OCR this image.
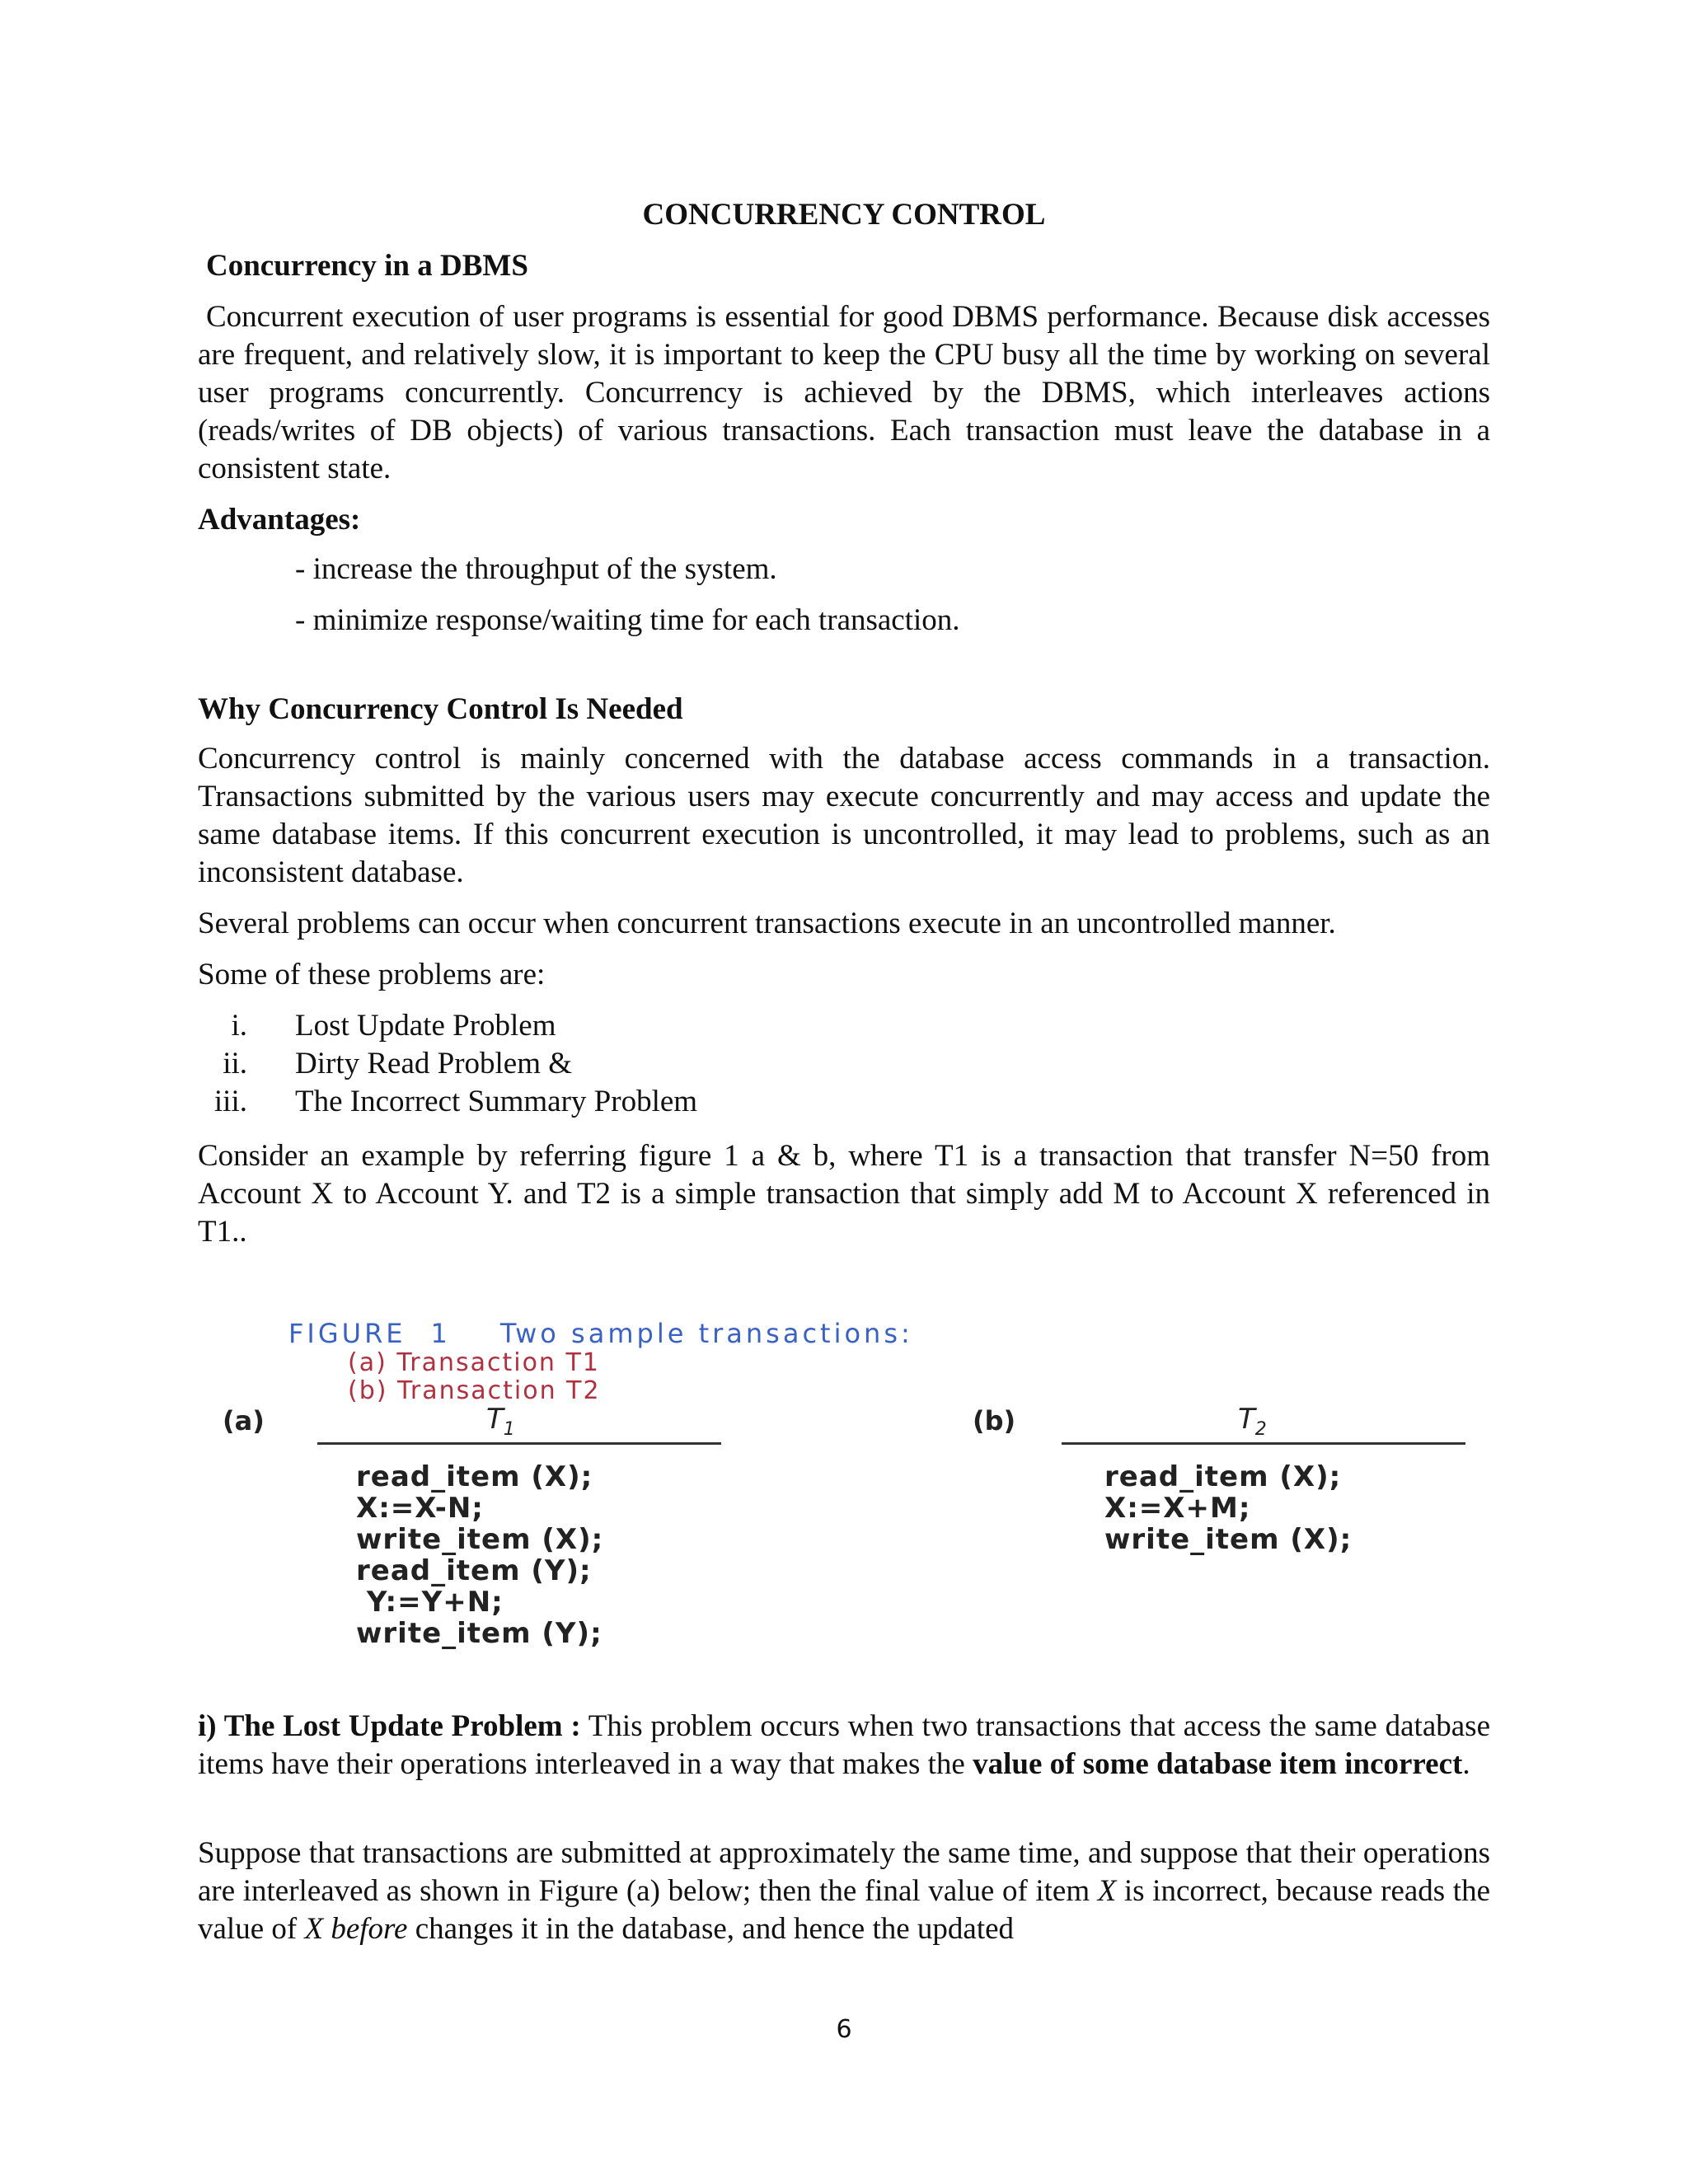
CONCURRENCY CONTROL
Concurrency in a DBMS
Concurrent execution of user programs is essential for good DBMS performance. Because disk accesses are frequent, and relatively slow, it is important to keep the CPU busy all the time by working on several user programs concurrently. Concurrency is achieved by the DBMS, which interleaves actions (reads/writes of DB objects) of various transactions. Each transaction must leave the database in a consistent state.
Advantages:
- increase the throughput of the system.
- minimize response/waiting time for each transaction.
Why Concurrency Control Is Needed
Concurrency control is mainly concerned with the database access commands in a transaction. Transactions submitted by the various users may execute concurrently and may access and update the same database items. If this concurrent execution is uncontrolled, it may lead to problems, such as an inconsistent database.
Several problems can occur when concurrent transactions execute in an uncontrolled manner.
Some of these problems are:
i. Lost Update Problem
ii. Dirty Read Problem &
iii. The Incorrect Summary Problem
Consider an example by referring figure 1 a & b, where T1 is a transaction that transfer N=50 from Account X to Account Y. and T2 is a simple transaction that simply add M to Account X referenced in T1..
FIGURE 1 Two sample transactions:
(a) Transaction T1
(b) Transaction T2
(a)	$T_1$
read_item (X);
X:=X-N;
write_item (X);
read_item (Y);
Y:=Y+N;
write_item (Y);
(b)	$T_2$
read_item (X);
X:=X+M;
write_item (X);
i) The Lost Update Problem : This problem occurs when two transactions that access the same database items have their operations interleaved in a way that makes the value of some database item incorrect.
Suppose that transactions are submitted at approximately the same time, and suppose that their operations are interleaved as shown in Figure (a) below; then the final value of item X is incorrect, because reads the value of X before changes it in the database, and hence the updated
6
